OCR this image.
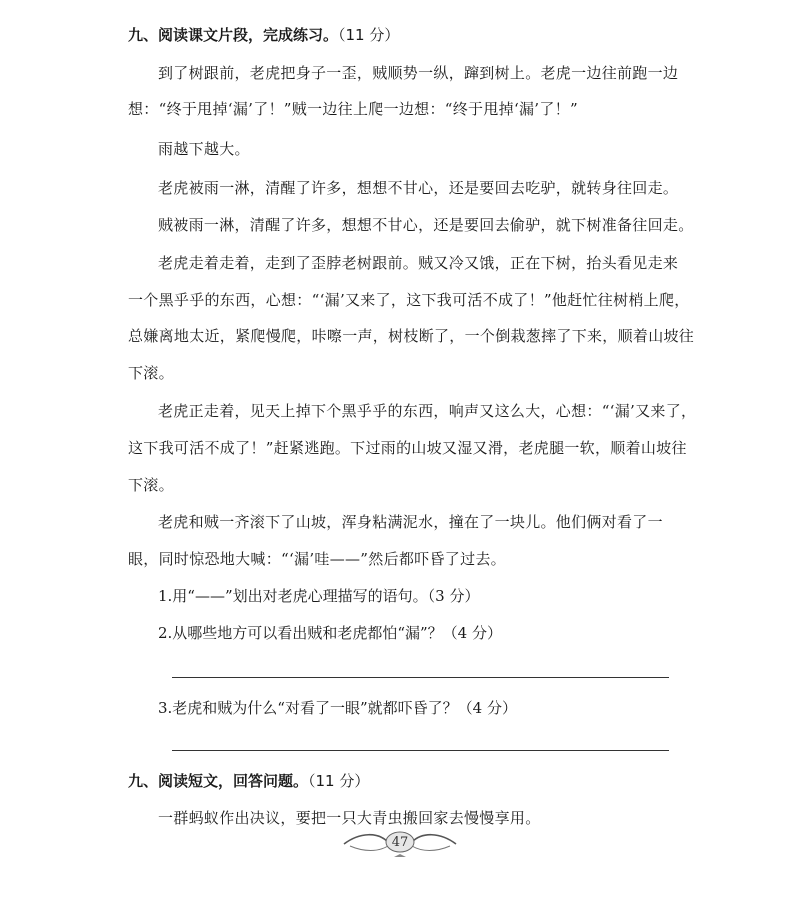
九、阅读课文片段，完成练习。（11 分）
到了树跟前，老虎把身子一歪，贼顺势一纵，蹿到树上。老虎一边往前跑一边
想：“终于甩掉‘漏’了！”贼一边往上爬一边想：“终于甩掉‘漏’了！”
雨越下越大。
老虎被雨一淋，清醒了许多，想想不甘心，还是要回去吃驴，就转身往回走。
贼被雨一淋，清醒了许多，想想不甘心，还是要回去偷驴，就下树准备往回走。
老虎走着走着，走到了歪脖老树跟前。贼又冷又饿，正在下树，抬头看见走来
一个黑乎乎的东西，心想：“‘漏’又来了，这下我可活不成了！”他赶忙往树梢上爬，
总嫌离地太近，紧爬慢爬，咔嚓一声，树枝断了，一个倒栽葱摔了下来，顺着山坡往
下滚。
老虎正走着，见天上掉下个黑乎乎的东西，响声又这么大，心想：“‘漏’又来了，
这下我可活不成了！”赶紧逃跑。下过雨的山坡又湿又滑，老虎腿一软，顺着山坡往
下滚。
老虎和贼一齐滚下了山坡，浑身粘满泥水，撞在了一块儿。他们俩对看了一
眼，同时惊恐地大喊：“‘漏’哇——”然后都吓昏了过去。
1.用“——”划出对老虎心理描写的语句。（3 分）
2.从哪些地方可以看出贼和老虎都怕“漏”？（4 分）
3.老虎和贼为什么“对看了一眼”就都吓昏了？（4 分）
九、阅读短文，回答问题。（11 分）
一群蚂蚁作出决议，要把一只大青虫搬回家去慢慢享用。
47
